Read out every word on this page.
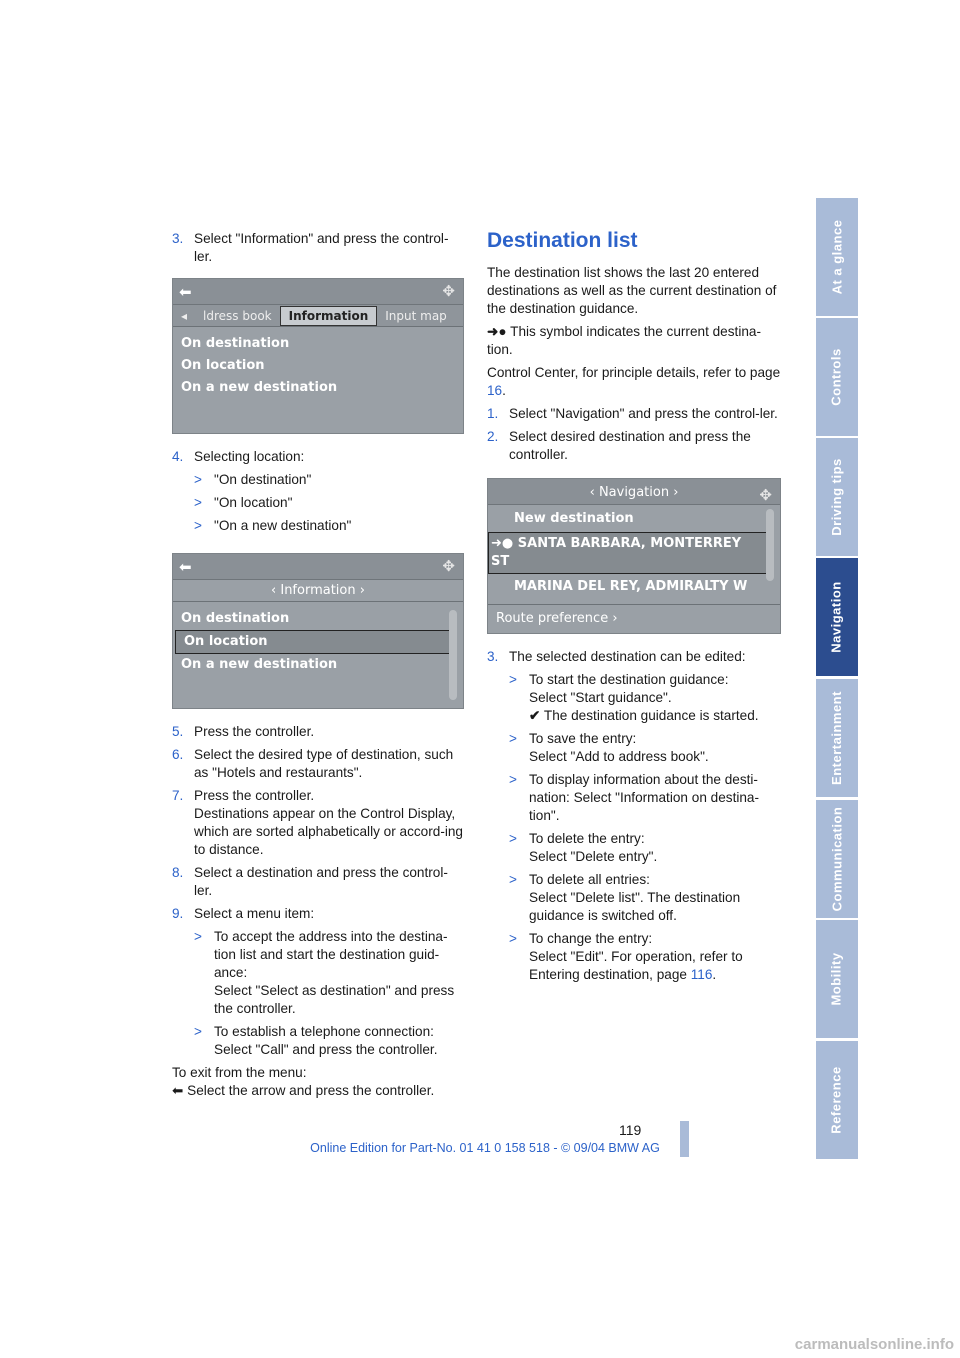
At a glance
Controls
Driving tips
Navigation
Entertainment
Communication
Mobility
Reference
3. Select "Information" and press the control-ler.
⬅	✥
◂	ldress book	Information	Input map
On destination
On location
On a new destination
4. Selecting location:
> "On destination"
> "On location"
> "On a new destination"
⬅	✥
‹ Information ›
On destination
On location
On a new destination
5. Press the controller.
6. Select the desired type of destination, such as "Hotels and restaurants".
7. Press the controller.
Destinations appear on the Control Display, which are sorted alphabetically or accord-ing to distance.
8. Select a destination and press the control-ler.
9. Select a menu item:
> To accept the address into the destina-tion list and start the destination guid-ance:
Select "Select as destination" and press the controller.
> To establish a telephone connection:
Select "Call" and press the controller.
To exit from the menu:
⬅ Select the arrow and press the controller.
Destination list

The destination list shows the last 20 entered destinations as well as the current destination of the destination guidance.

➜● This symbol indicates the current destina-tion.

Control Center, for principle details, refer to page 16.

1. Select "Navigation" and press the control-ler.
2. Select desired destination and press the controller.
‹ Navigation ›	✥
New destination
➜● SANTA BARBARA, MONTERREY ST
MARINA DEL REY, ADMIRALTY W
Route preference ›
Arrow display ›
3. The selected destination can be edited:
> To start the destination guidance:
Select "Start guidance".
✔ The destination guidance is started.
> To save the entry:
Select "Add to address book".
> To display information about the desti-nation: Select "Information on destina-tion".
> To delete the entry:
Select "Delete entry".
> To delete all entries:
Select "Delete list". The destination guidance is switched off.
> To change the entry:
Select "Edit". For operation, refer to Entering destination, page 116.
119
Online Edition for Part-No. 01 41 0 158 518 - © 09/04 BMW AG
carmanualsonline.info
